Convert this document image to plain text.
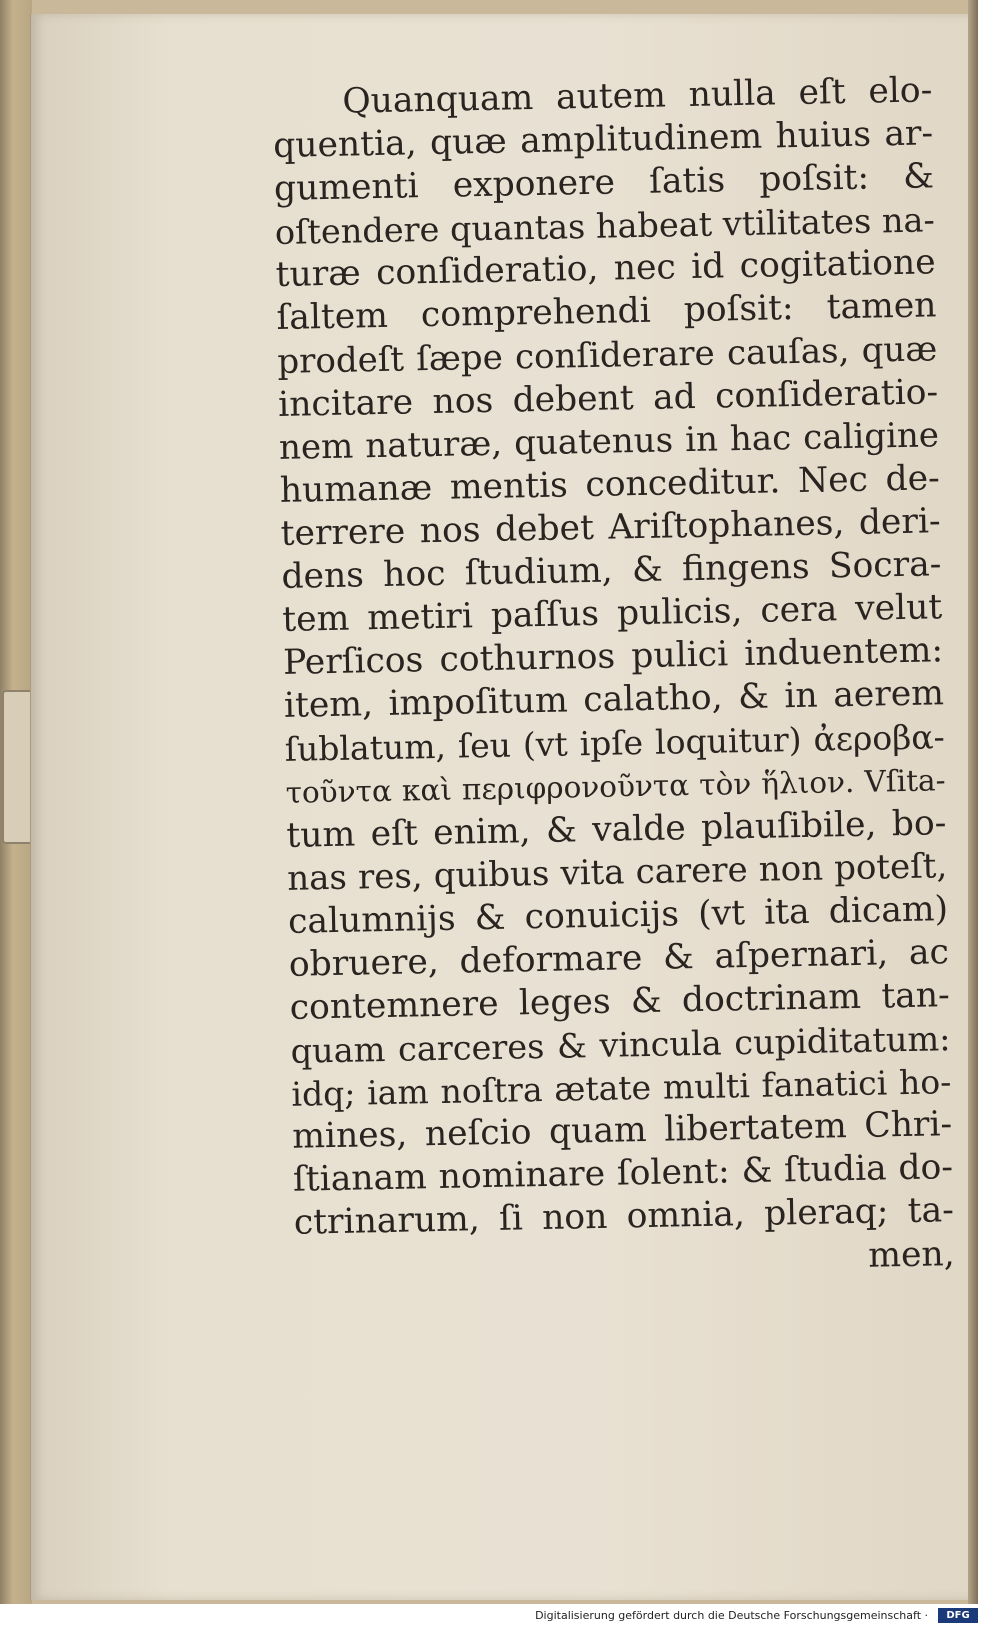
Quanquam autem nulla eſt elo-
quentia, quæ amplitudinem huius ar-
gumenti exponere ſatis poſsit: &
oſtendere quantas habeat vtilitates na-
turæ conſideratio, nec id cogitatione
ſaltem comprehendi poſsit: tamen
prodeſt ſæpe conſiderare cauſas, quæ
incitare nos debent ad conſideratio-
nem naturæ, quatenus in hac caligine
humanæ mentis conceditur. Nec de-
terrere nos debet Ariſtophanes, deri-
dens hoc ſtudium, & fingens Socra-
tem metiri paſſus pulicis, cera velut
Perſicos cothurnos pulici induentem:
item, impoſitum calatho, & in aerem
ſublatum, ſeu (vt ipſe loquitur) ἀεροβα-
τοῦντα καὶ περιφρονοῦντα τὸν ἥλιον. Vſita-
tum eſt enim, & valde plauſibile, bo-
nas res, quibus vita carere non poteſt,
calumnijs & conuicijs (vt ita dicam)
obruere, deformare & aſpernari, ac
contemnere leges & doctrinam tan-
quam carceres & vincula cupiditatum:
idq; iam noſtra ætate multi fanatici ho-
mines, neſcio quam libertatem Chri-
ſtianam nominare ſolent: & ſtudia do-
ctrinarum, ſi non omnia, pleraq; ta-
men,
Digitalisierung gefördert durch die Deutsche Forschungsgemeinschaft ·	DFG
